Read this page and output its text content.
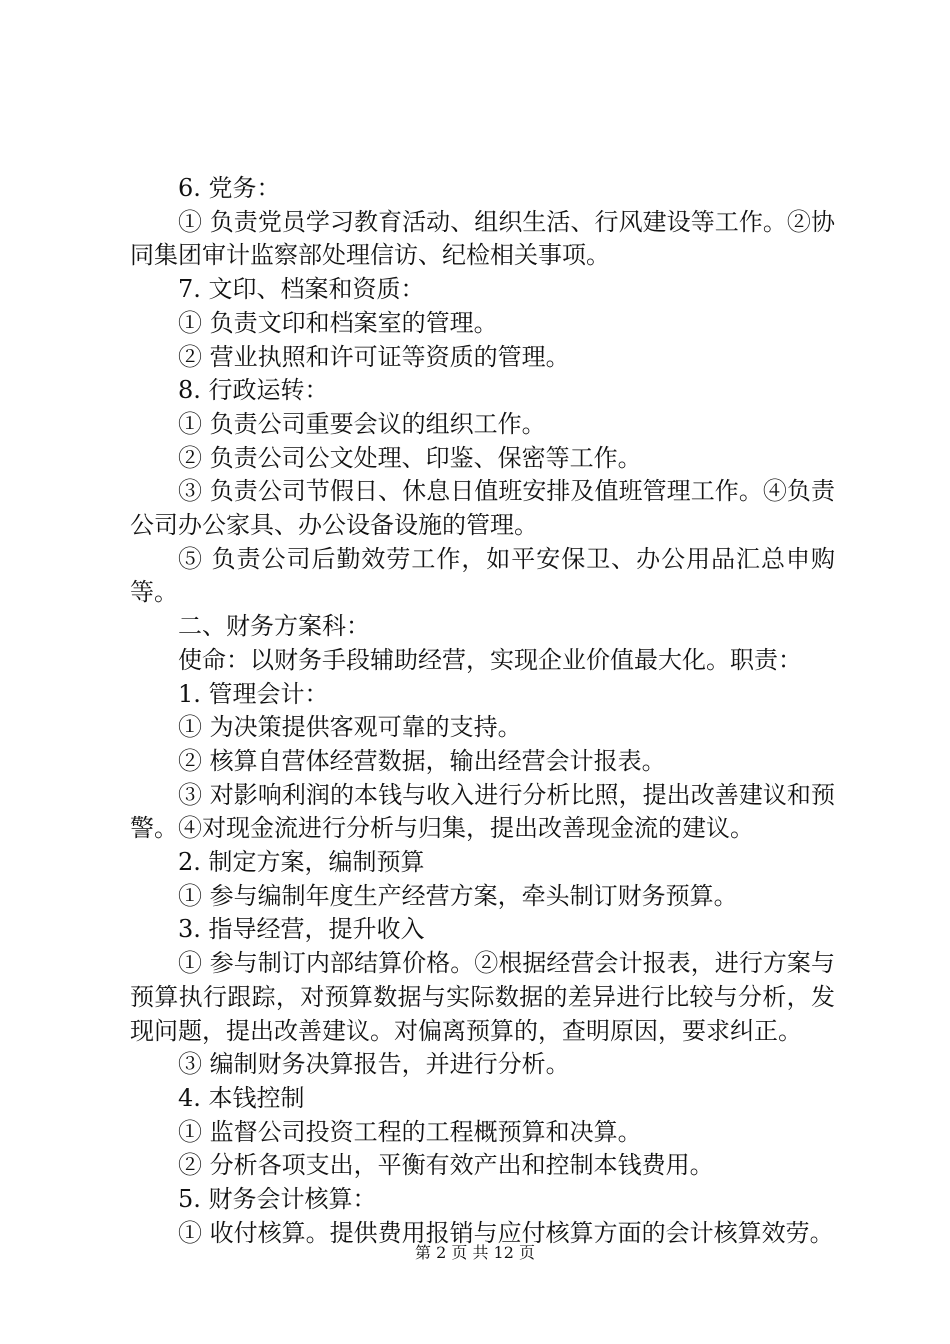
6. 党务：

① 负责党员学习教育活动、组织生活、行风建设等工作。②协同集团审计监察部处理信访、纪检相关事项。

7. 文印、档案和资质：

① 负责文印和档案室的管理。

② 营业执照和许可证等资质的管理。

8. 行政运转：

① 负责公司重要会议的组织工作。

② 负责公司公文处理、印鉴、保密等工作。

③ 负责公司节假日、休息日值班安排及值班管理工作。④负责公司办公家具、办公设备设施的管理。

⑤ 负责公司后勤效劳工作，如平安保卫、办公用品汇总申购等。

二、财务方案科：

使命：以财务手段辅助经营，实现企业价值最大化。职责：

1. 管理会计：

① 为决策提供客观可靠的支持。

② 核算自营体经营数据，输出经营会计报表。

③ 对影响利润的本钱与收入进行分析比照，提出改善建议和预警。④对现金流进行分析与归集，提出改善现金流的建议。

2. 制定方案，编制预算

① 参与编制年度生产经营方案，牵头制订财务预算。

3. 指导经营，提升收入

① 参与制订内部结算价格。②根据经营会计报表，进行方案与预算执行跟踪，对预算数据与实际数据的差异进行比较与分析，发现问题，提出改善建议。对偏离预算的，查明原因，要求纠正。

③ 编制财务决算报告，并进行分析。

4. 本钱控制

① 监督公司投资工程的工程概预算和决算。

② 分析各项支出，平衡有效产出和控制本钱费用。

5. 财务会计核算：

① 收付核算。提供费用报销与应付核算方面的会计核算效劳。

第 2 页 共 12 页
